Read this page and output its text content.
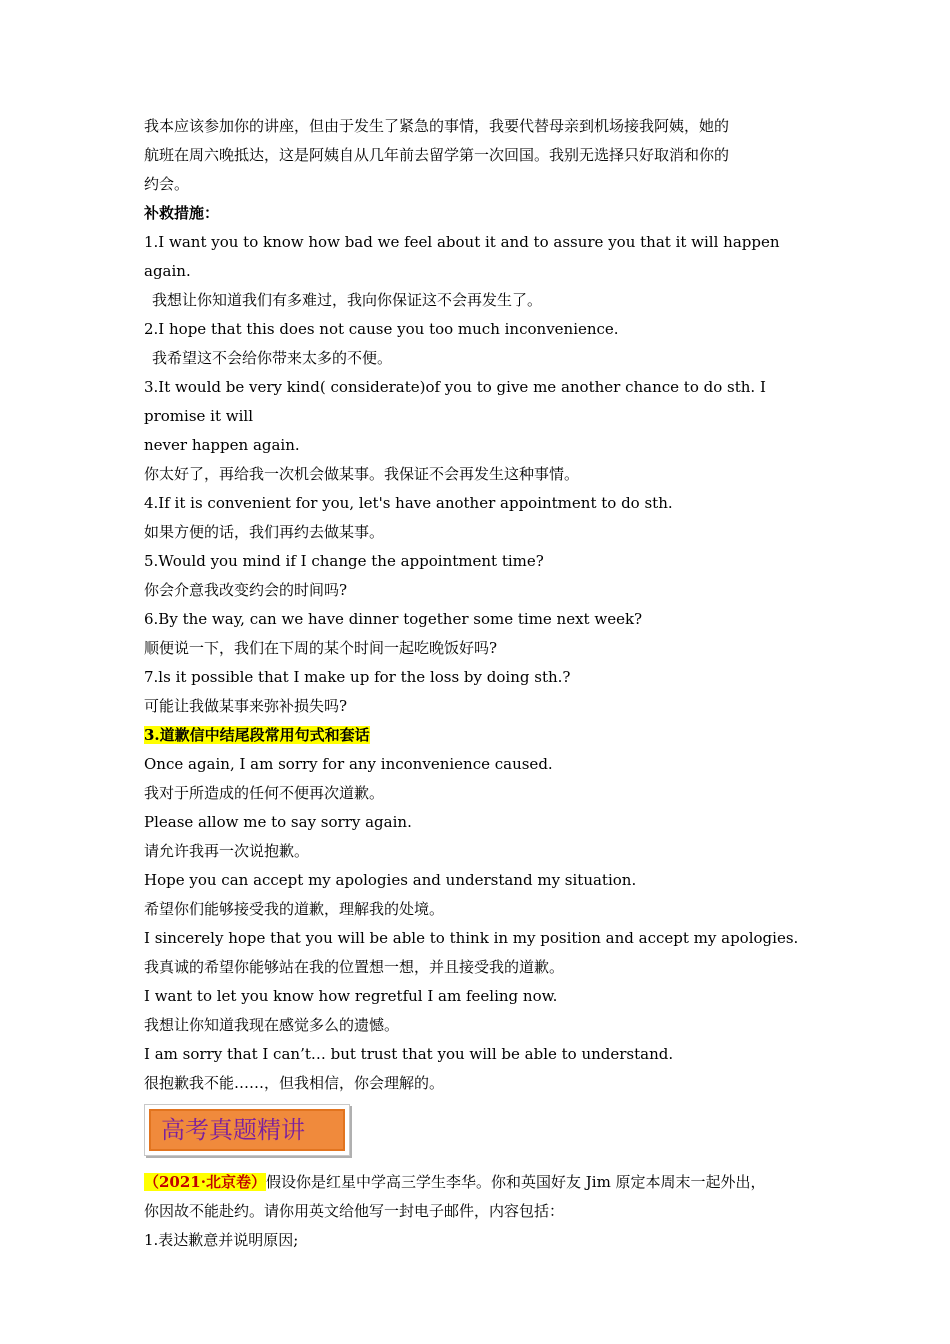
我本应该参加你的讲座，但由于发生了紧急的事情，我要代替母亲到机场接我阿姨，她的

航班在周六晚抵达，这是阿姨自从几年前去留学第一次回国。我别无选择只好取消和你的

约会。

补救措施：

1.I want you to know how bad we feel about it and to assure you that it will happen again.

我想让你知道我们有多难过，我向你保证这不会再发生了。

2.I hope that this does not cause you too much inconvenience.

我希望这不会给你带来太多的不便。

3.It would be very kind( considerate)of you to give me another chance to do sth. I promise it will

never happen again.

你太好了，再给我一次机会做某事。我保证不会再发生这种事情。

4.If it is convenient for you, let's have another appointment to do sth.

如果方便的话，我们再约去做某事。

5.Would you mind if I change the appointment time?

你会介意我改变约会的时间吗?

6.By the way, can we have dinner together some time next week?

顺便说一下，我们在下周的某个时间一起吃晚饭好吗?

7.ls it possible that I make up for the loss by doing sth.?

可能让我做某事来弥补损失吗?

3.道歉信中结尾段常用句式和套话

Once again, I am sorry for any inconvenience caused.

我对于所造成的任何不便再次道歉。

Please allow me to say sorry again.

请允许我再一次说抱歉。

Hope you can accept my apologies and understand my situation.

希望你们能够接受我的道歉，理解我的处境。

I sincerely hope that you will be able to think in my position and accept my apologies.

我真诚的希望你能够站在我的位置想一想，并且接受我的道歉。

I want to let you know how regretful I am feeling now.

我想让你知道我现在感觉多么的遗憾。

I am sorry that I can’t… but trust that you will be able to understand.

很抱歉我不能……，但我相信，你会理解的。

高考真题精讲

（2021·北京卷）假设你是红星中学高三学生李华。你和英国好友 Jim 原定本周末一起外出，

你因故不能赴约。请你用英文给他写一封电子邮件，内容包括：

1.表达歉意并说明原因;
